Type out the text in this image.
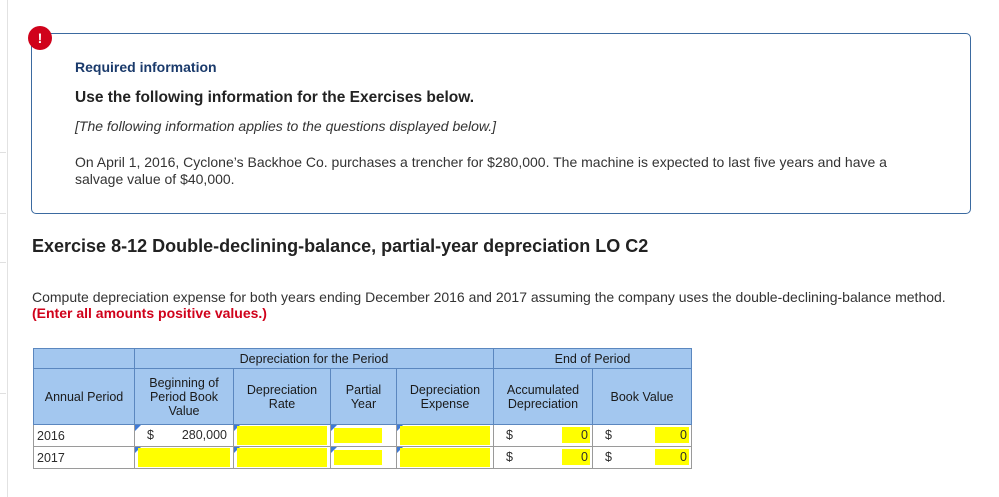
Required information
Use the following information for the Exercises below.
[The following information applies to the questions displayed below.]
On April 1, 2016, Cyclone’s Backhoe Co. purchases a trencher for $280,000. The machine is expected to last five years and have a salvage value of $40,000.
!
Exercise 8-12 Double-declining-balance, partial-year depreciation LO C2
Compute depreciation expense for both years ending December 2016 and 2017 assuming the company uses the double-declining-balance method. (Enter all amounts positive values.)
	Depreciation for the Period				End of Period	
Annual Period	Beginning of Period Book Value	Depreciation Rate	Partial Year	Depreciation Expense	Accumulated Depreciation	Book Value
2016	$ 280,000				$ 0	$ 0

2017					$ 0	$ 0
